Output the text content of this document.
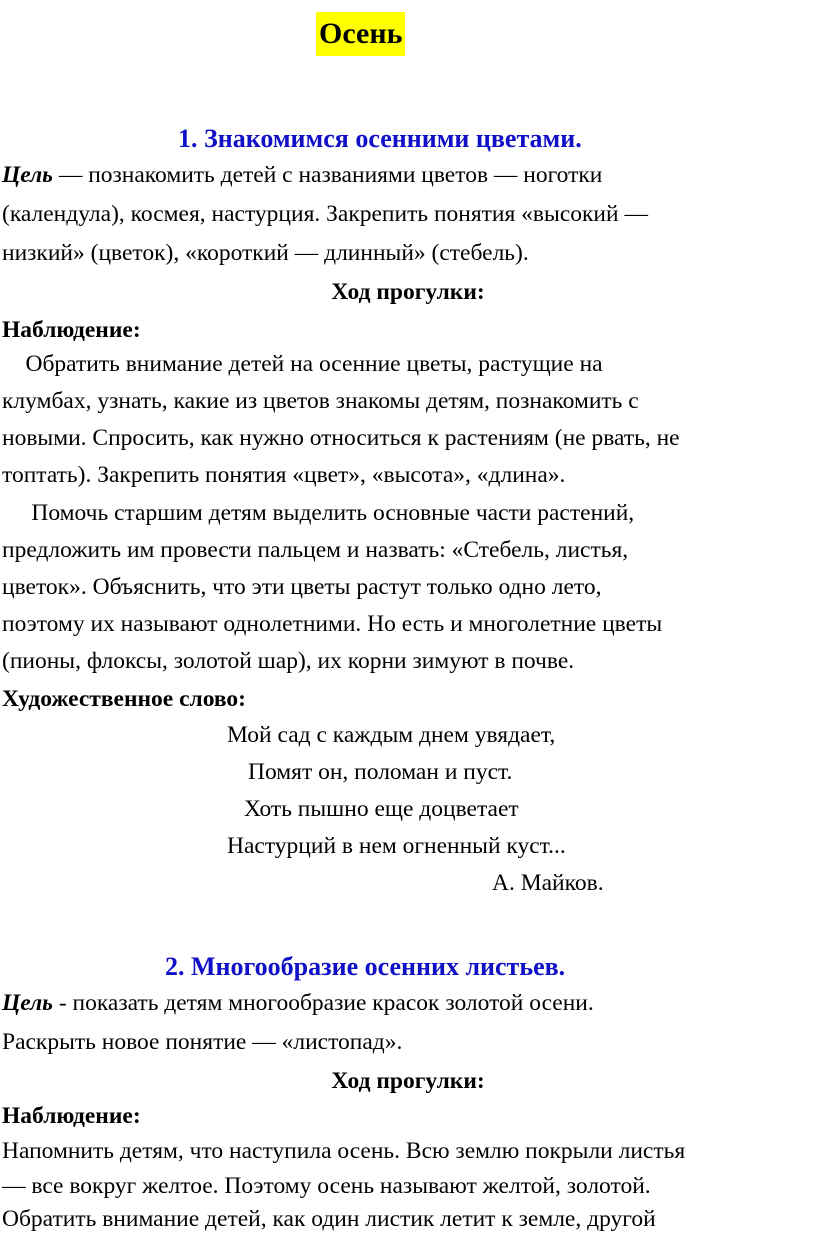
Осень
1. Знакомимся осенними цветами.
Цель — познакомить детей с названиями цветов — ноготки
(календула), космея, настурция. Закрепить понятия «высокий —
низкий» (цветок), «короткий — длинный» (стебель).
Ход прогулки:
Наблюдение:
Обратить внимание детей на осенние цветы, растущие на
клумбах, узнать, какие из цветов знакомы детям, познакомить с
новыми. Спросить, как нужно относиться к растениям (не рвать, не
топтать). Закрепить понятия «цвет», «высота», «длина».
Помочь старшим детям выделить основные части растений,
предложить им провести пальцем и назвать: «Стебель, листья,
цветок». Объяснить, что эти цветы растут только одно лето,
поэтому их называют однолетними. Но есть и многолетние цветы
(пионы, флоксы, золотой шар), их корни зимуют в почве.
Художественное слово:
Мой сад с каждым днем увядает,
Помят он, поломан и пуст.
Хоть пышно еще доцветает
Настурций в нем огненный куст...
А. Майков.
2. Многообразие осенних листьев.
Цель - показать детям многообразие красок золотой осени.
Раскрыть новое понятие — «листопад».
Ход прогулки:
Наблюдение:
Напомнить детям, что наступила осень. Всю землю покрыли листья
— все вокруг желтое. Поэтому осень называют желтой, золотой.
Обратить внимание детей, как один листик летит к земле, другой
